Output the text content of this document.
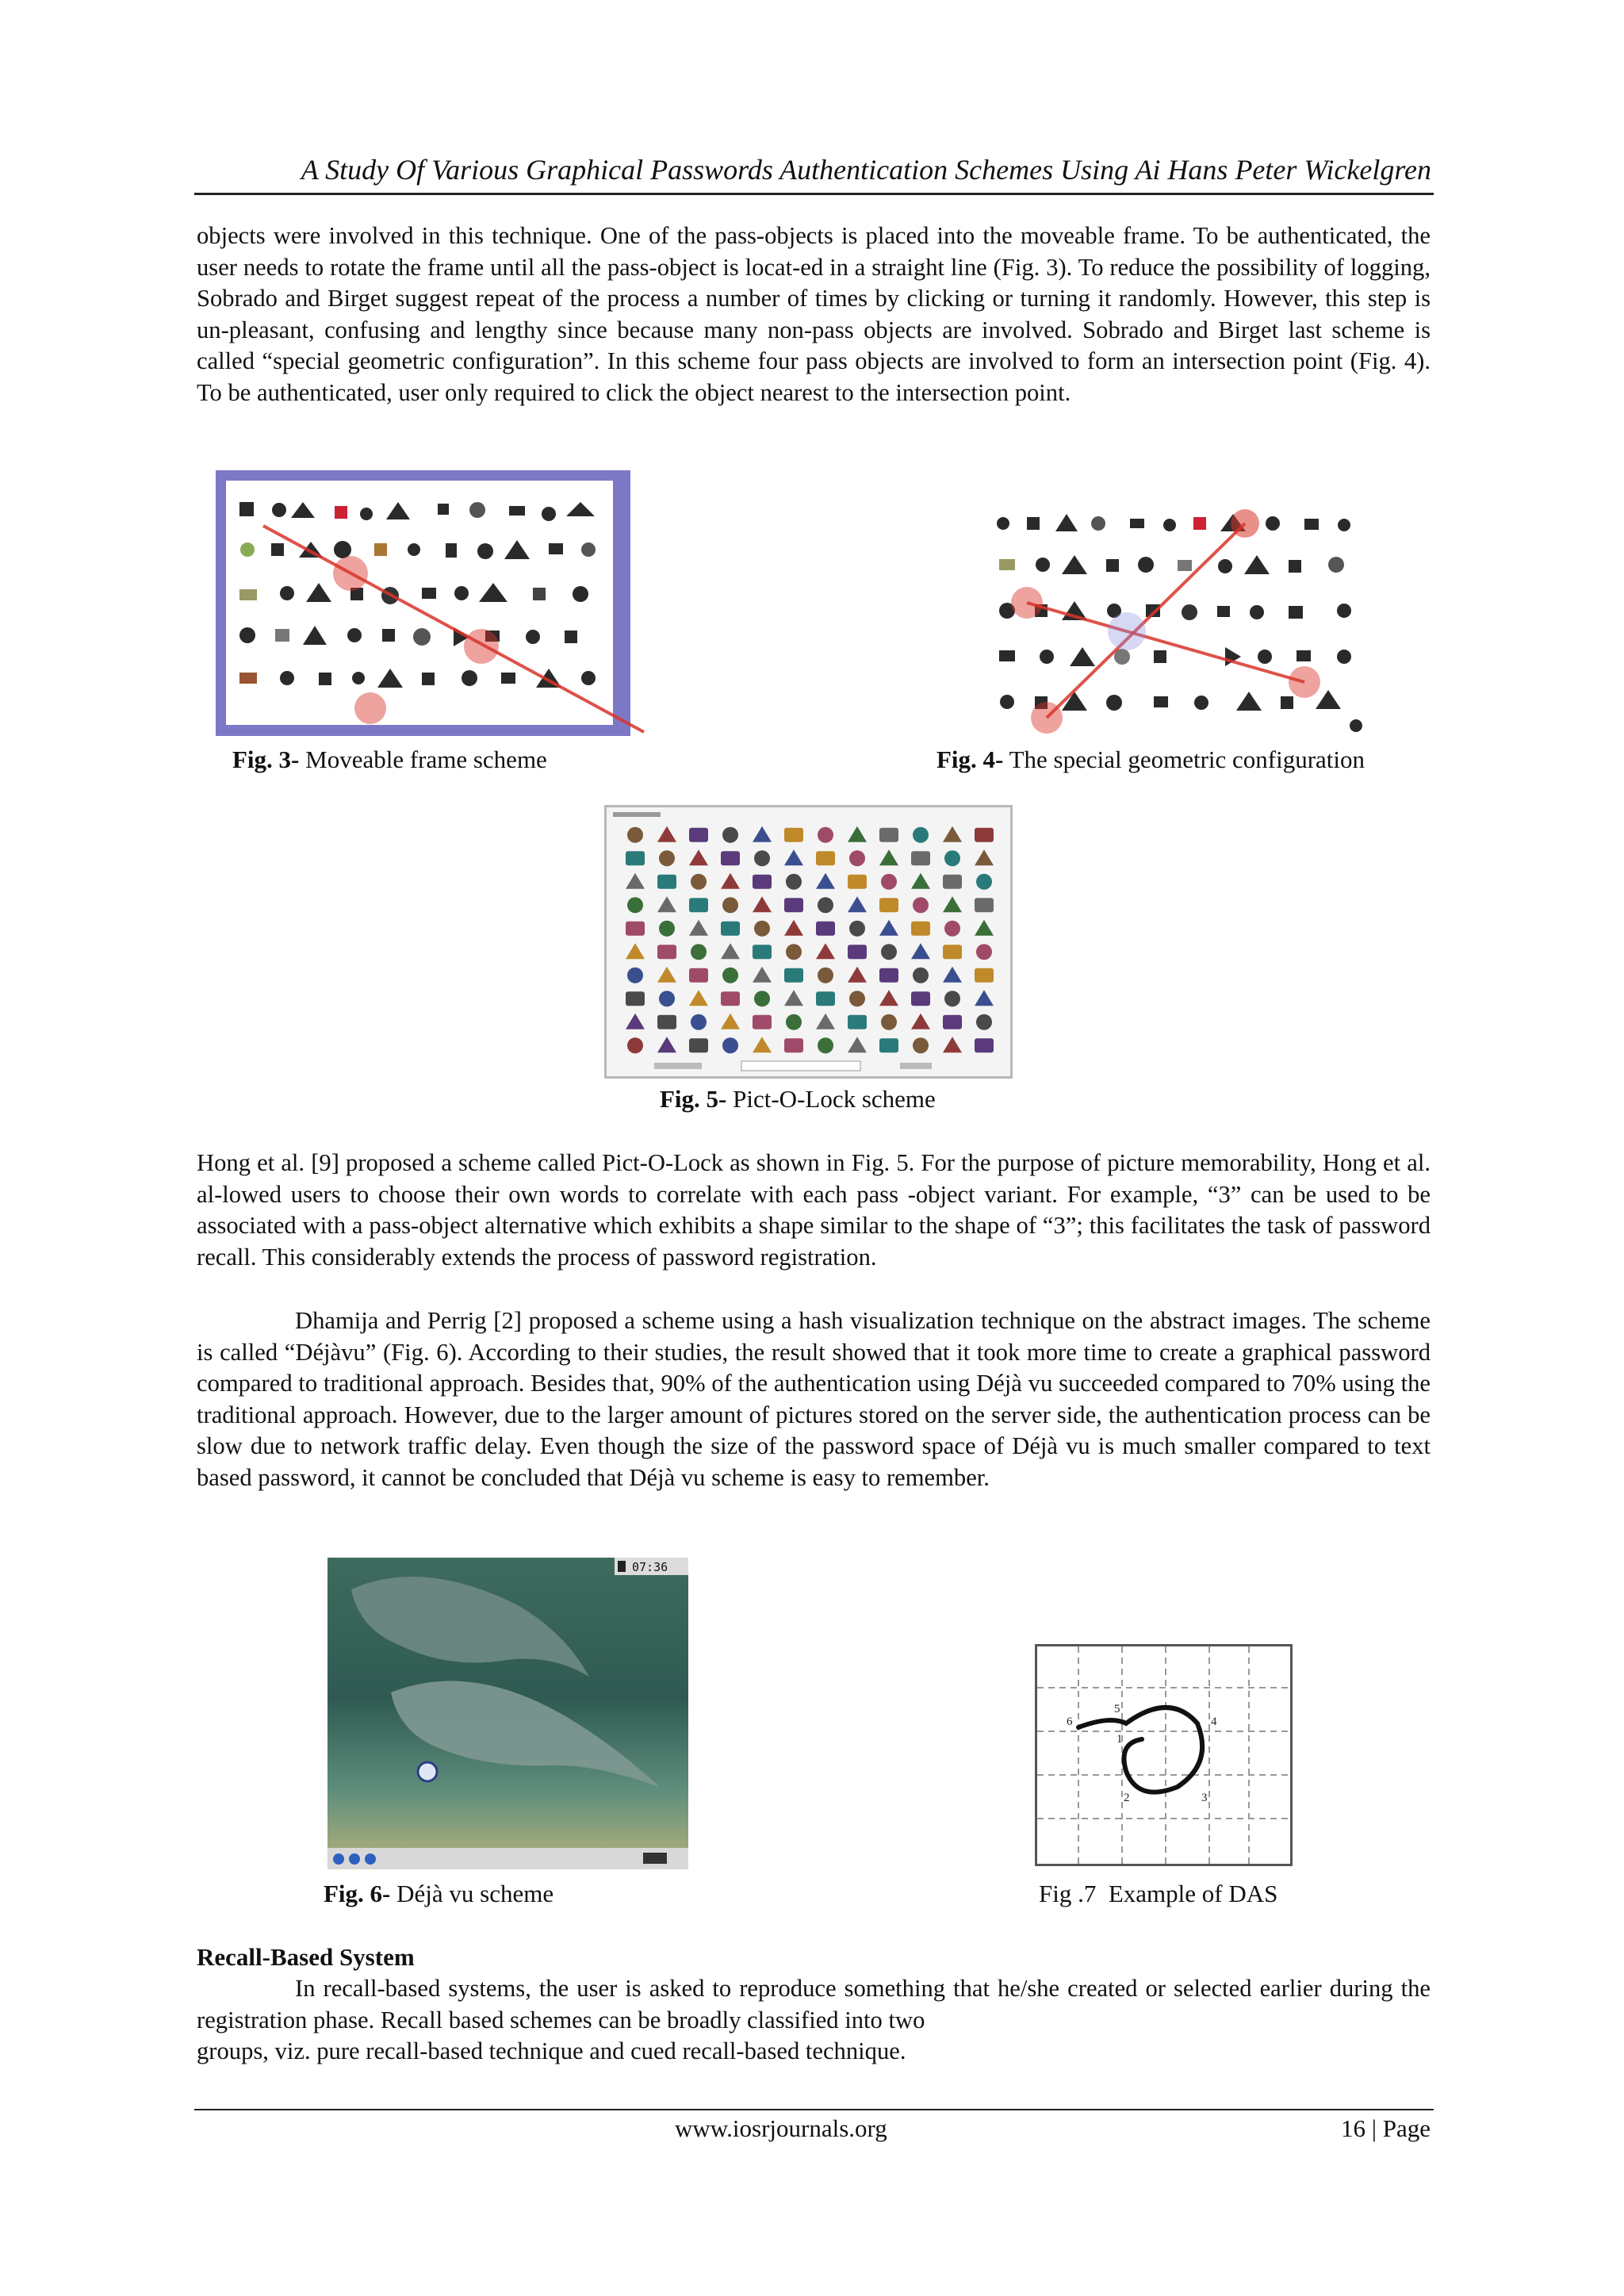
A Study Of Various Graphical Passwords Authentication Schemes Using Ai Hans Peter Wickelgren
objects were involved in this technique. One of the pass-objects is placed into the moveable frame. To be authenticated, the user needs to rotate the frame until all the pass-object is locat-ed in a straight line (Fig. 3). To reduce the possibility of logging, Sobrado and Birget suggest repeat of the process a number of times by clicking or turning it randomly. However, this step is un-pleasant, confusing and lengthy since because many non-pass objects are involved. Sobrado and Birget last scheme is called “special geometric configuration”. In this scheme four pass objects are involved to form an intersection point (Fig. 4). To be authenticated, user only required to click the object nearest to the intersection point.
Fig. 3- Moveable frame scheme	Fig. 4- The special geometric configuration
Fig. 5- Pict-O-Lock scheme
Hong et al. [9] proposed a scheme called Pict-O-Lock as shown in Fig. 5. For the purpose of picture memorability, Hong et al. al-lowed users to choose their own words to correlate with each pass -object variant. For example, “3” can be used to be associated with a pass-object alternative which exhibits a shape similar to the shape of “3”; this facilitates the task of password recall. This considerably extends the process of password registration.
Dhamija and Perrig [2] proposed a scheme using a hash visualization technique on the abstract images. The scheme is called “Déjàvu” (Fig. 6). According to their studies, the result showed that it took more time to create a graphical password compared to traditional approach. Besides that, 90% of the authentication using Déjà vu succeeded compared to 70% using the traditional approach. However, due to the larger amount of pictures stored on the server side, the authentication process can be slow due to network traffic delay. Even though the size of the password space of Déjà vu is much smaller compared to text based password, it cannot be concluded that Déjà vu scheme is easy to remember.
07:36
6
5
4
1
2	3
Fig. 6- Déjà vu scheme	Fig .7  Example of DAS
Recall-Based System
In recall-based systems, the user is asked to reproduce something that he/she created or selected earlier during the registration phase. Recall based schemes can be broadly classified into two
groups, viz. pure recall-based technique and cued recall-based technique.
www.iosrjournals.org	16 | Page
